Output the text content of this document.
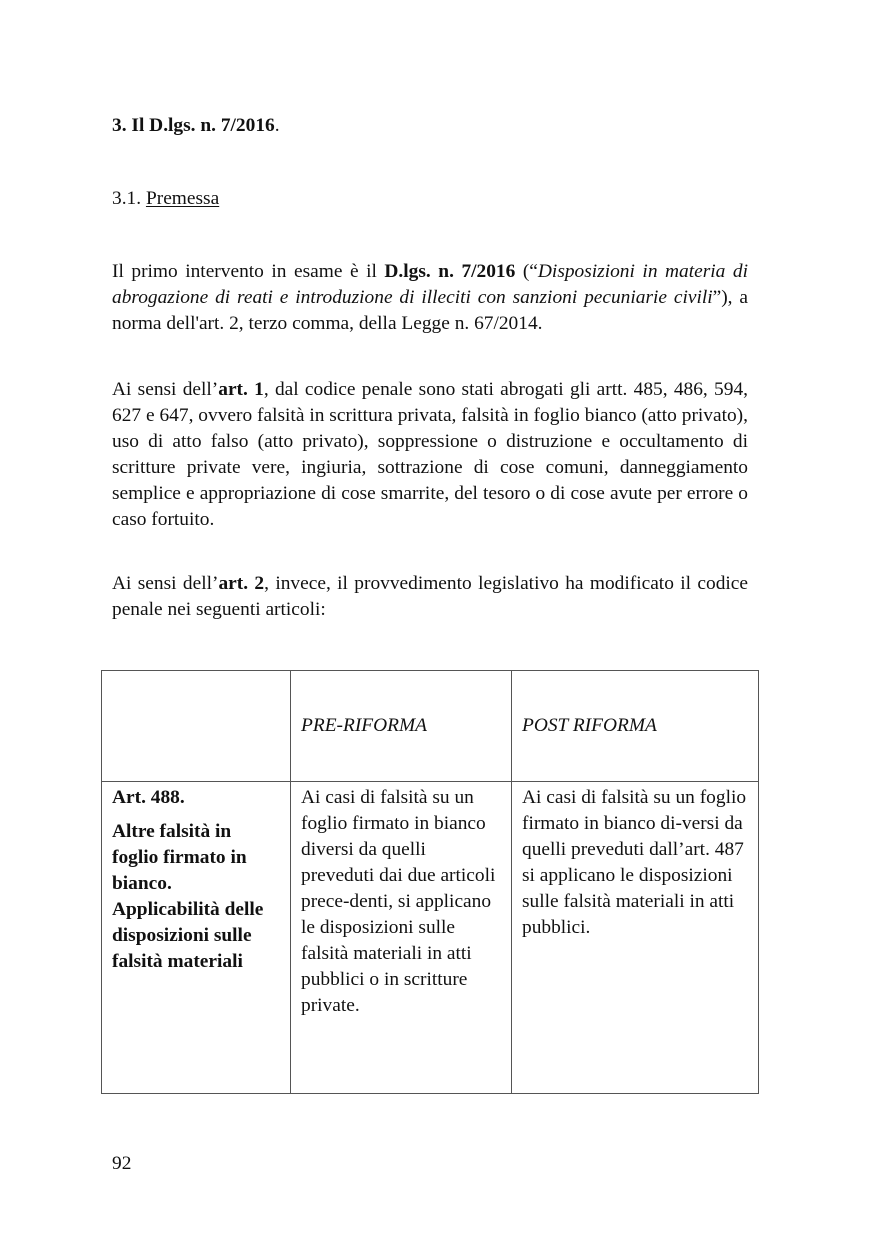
3. Il D.lgs. n. 7/2016.
3.1. Premessa

Il primo intervento in esame è il D.lgs. n. 7/2016 (“Disposizioni in materia di abrogazione di reati e introduzione di illeciti con sanzioni pecuniarie civili”), a norma dell'art. 2, terzo comma, della Legge n. 67/2014.

Ai sensi dell’art. 1, dal codice penale sono stati abrogati gli artt. 485, 486, 594, 627 e 647, ovvero falsità in scrittura privata, falsità in foglio bianco (atto privato), uso di atto falso (atto privato), soppressione o distruzione e occultamento di scritture private vere, ingiuria, sottrazione di cose comuni, danneggiamento semplice e appropriazione di cose smarrite, del tesoro o di cose avute per errore o caso fortuito.

Ai sensi dell’art. 2, invece, il provvedimento legislativo ha modificato il codice penale nei seguenti articoli:

	PRE-RIFORMA	POST RIFORMA

Art. 488.
Altre falsità in foglio firmato in bianco. Applicabilità delle disposizioni sulle falsità materiali	Ai casi di falsità su un foglio firmato in bianco diversi da quelli preveduti dai due articoli prece-denti, si applicano le disposizioni sulle falsità materiali in atti pubblici o in scritture private.	Ai casi di falsità su un foglio firmato in bianco di-versi da quelli preveduti dall’art. 487 si applicano le disposizioni sulle falsità materiali in atti pubblici.
92
